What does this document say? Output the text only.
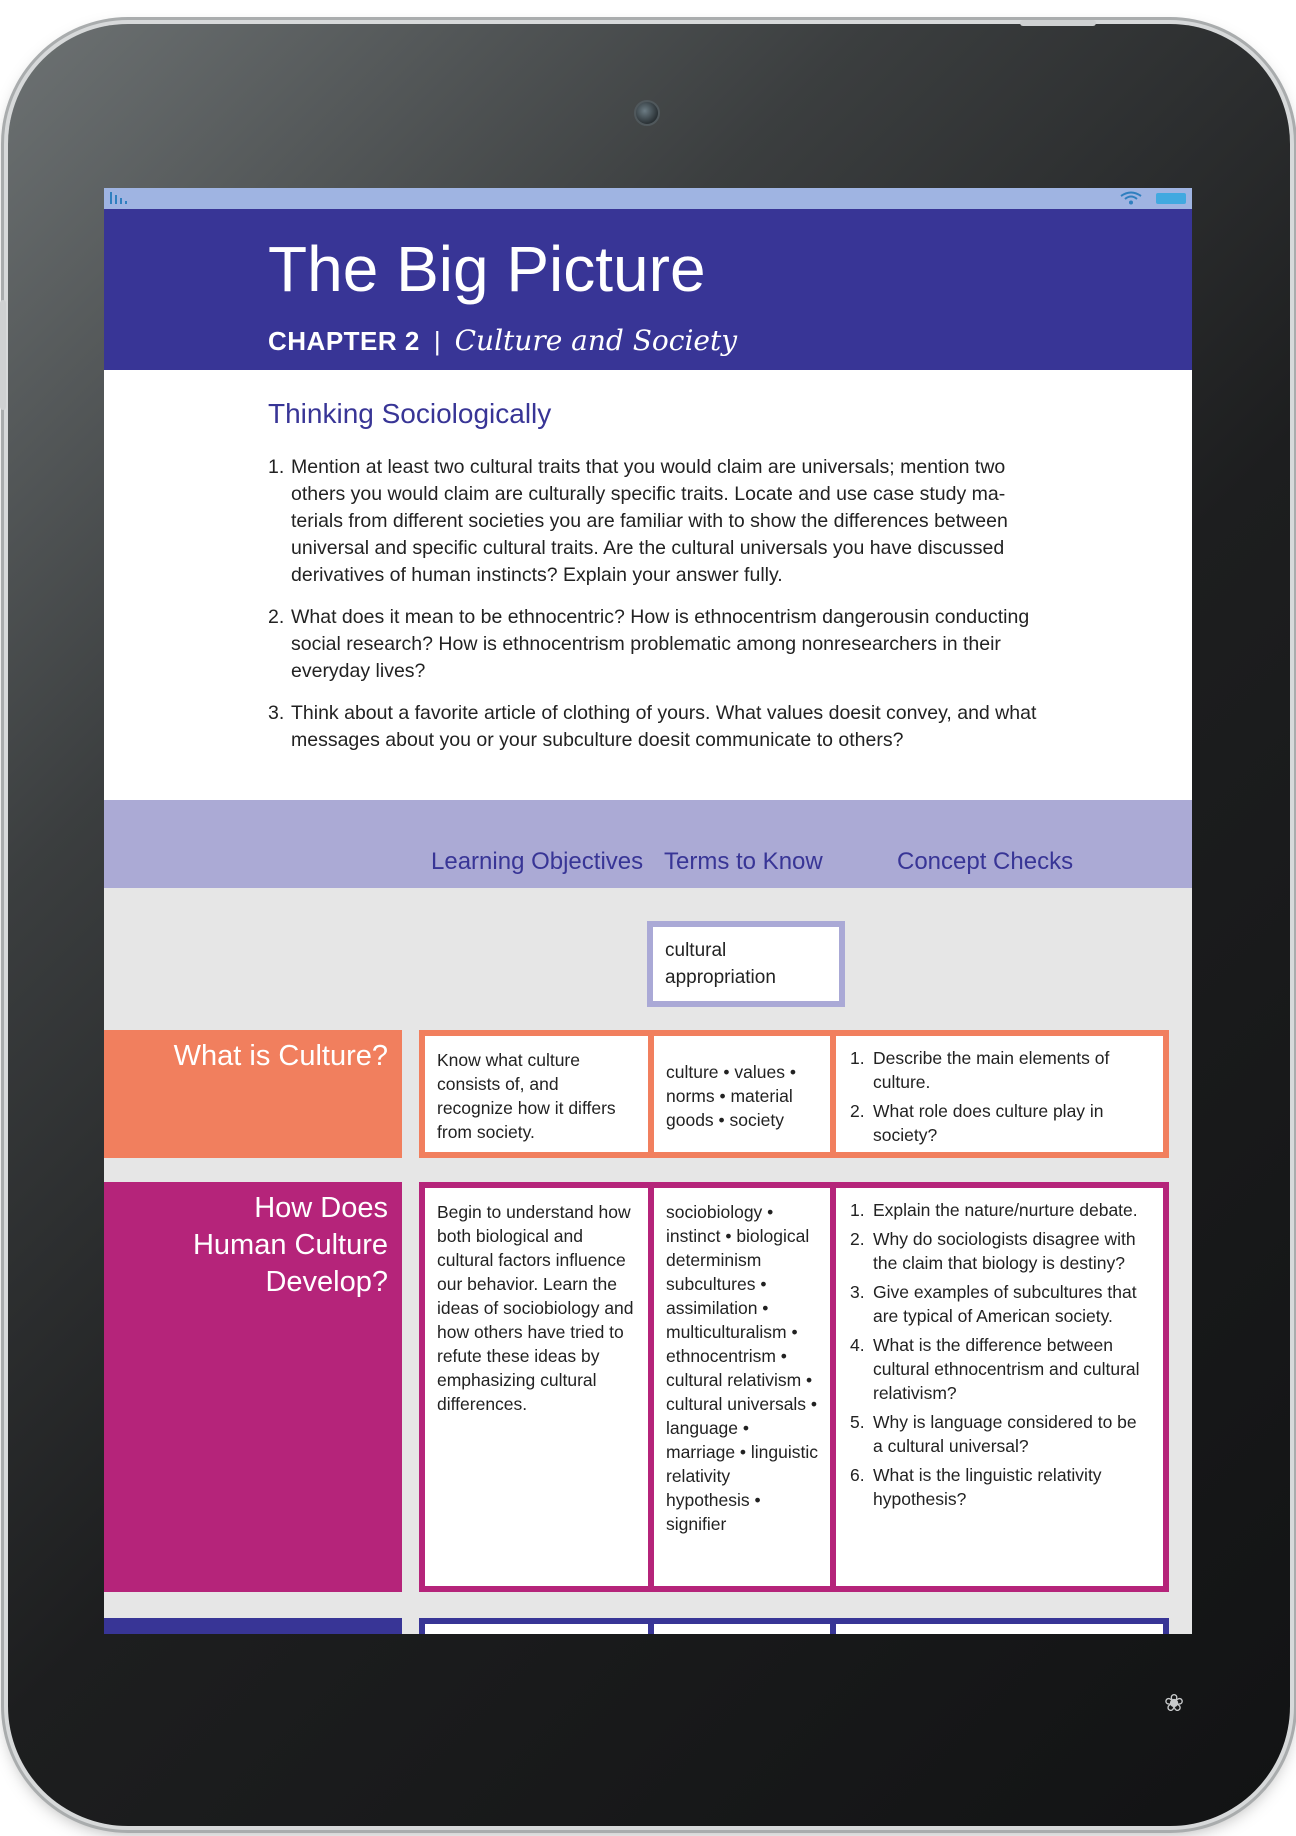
❀
The Big Picture
CHAPTER 2 | Culture and Society
Thinking Sociologically
1. Mention at least two cultural traits that you would claim are universals; mention two others you would claim are culturally specific traits. Locate and use case study ma-terials from different societies you are familiar with to show the differences between universal and specific cultural traits. Are the cultural universals you have discussed derivatives of human instincts? Explain your answer fully.
2. What does it mean to be ethnocentric? How is ethnocentrism dangerousin conducting social research? How is ethnocentrism problematic among nonresearchers in their everyday lives?
3. Think about a favorite article of clothing of yours. What values doesit convey, and what messages about you or your subculture doesit communicate to others?
Learning Objectives Terms to Know	Concept Checks
cultural appropriation
What is Culture?	Know what culture consists of, and recognize how it differs from society.
culture • values • norms • material goods • society
1. Describe the main elements of culture.
2. What role does culture play in society?
How Does Human Culture Develop?
Begin to understand how both biological and cultural factors influence our behavior. Learn the ideas of sociobiology and how others have tried to refute these ideas by emphasizing cultural differences.
sociobiology • instinct • biological determinism subcultures • assimilation • multiculturalism • ethnocentrism • cultural relativism • cultural universals • language • marriage • linguistic relativity hypothesis • signifier
1. Explain the nature/nurture debate.
2. Why do sociologists disagree with the claim that biology is destiny?
3. Give examples of subcultures that are typical of American society.
4. What is the difference between cultural ethnocentrism and cultural relativism?
5. Why is language considered to be a cultural universal?
6. What is the linguistic relativity hypothesis?
